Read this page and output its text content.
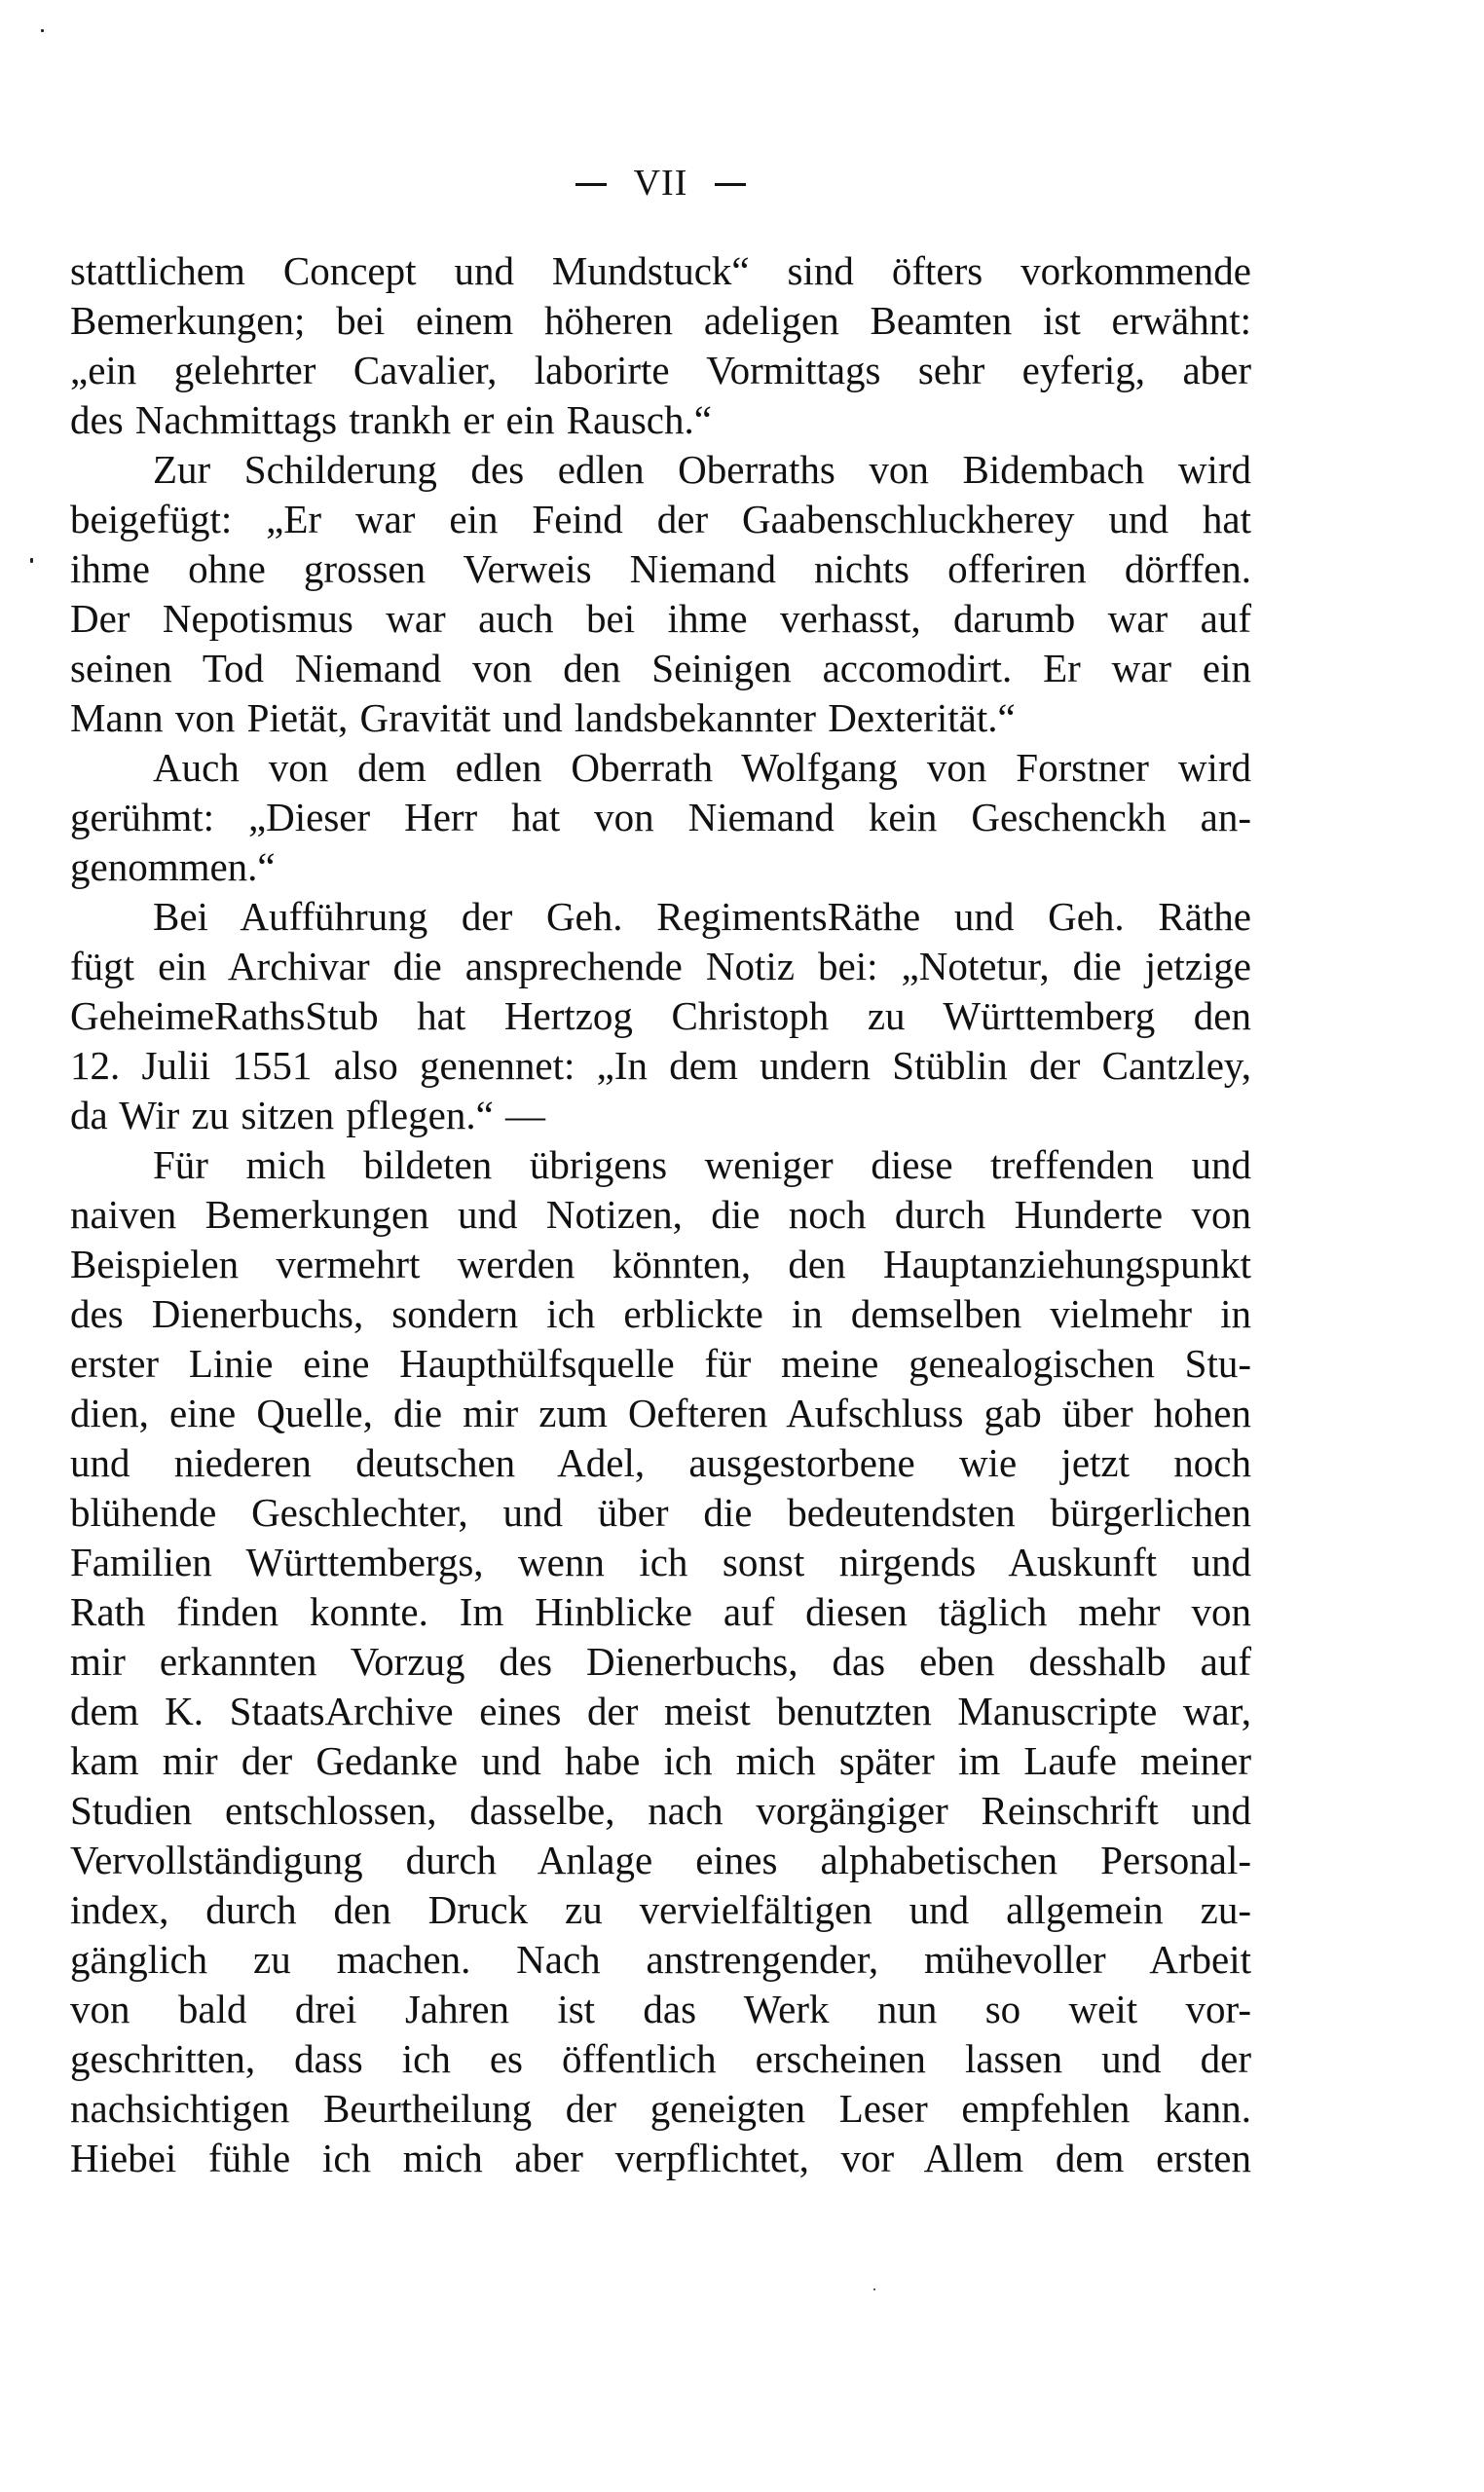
VII
stattlichem Concept und Mundstuck“ sind öfters vorkommende
Bemerkungen; bei einem höheren adeligen Beamten ist erwähnt:
„ein gelehrter Cavalier, laborirte Vormittags sehr eyferig, aber
des Nachmittags trankh er ein Rausch.“
Zur Schilderung des edlen Oberraths von Bidembach wird
beigefügt: „Er war ein Feind der Gaabenschluckherey und hat
ihme ohne grossen Verweis Niemand nichts offeriren dörffen.
Der Nepotismus war auch bei ihme verhasst, darumb war auf
seinen Tod Niemand von den Seinigen accomodirt. Er war ein
Mann von Pietät, Gravität und landsbekannter Dexterität.“
Auch von dem edlen Oberrath Wolfgang von Forstner wird
gerühmt: „Dieser Herr hat von Niemand kein Geschenckh an-
genommen.“
Bei Aufführung der Geh. RegimentsRäthe und Geh. Räthe
fügt ein Archivar die ansprechende Notiz bei: „Notetur, die jetzige
GeheimeRathsStub hat Hertzog Christoph zu Württemberg den
12. Julii 1551 also genennet: „In dem undern Stüblin der Cantzley,
da Wir zu sitzen pflegen.“ —
Für mich bildeten übrigens weniger diese treffenden und
naiven Bemerkungen und Notizen, die noch durch Hunderte von
Beispielen vermehrt werden könnten, den Hauptanziehungspunkt
des Dienerbuchs, sondern ich erblickte in demselben vielmehr in
erster Linie eine Haupthülfsquelle für meine genealogischen Stu-
dien, eine Quelle, die mir zum Oefteren Aufschluss gab über hohen
und niederen deutschen Adel, ausgestorbene wie jetzt noch
blühende Geschlechter, und über die bedeutendsten bürgerlichen
Familien Württembergs, wenn ich sonst nirgends Auskunft und
Rath finden konnte. Im Hinblicke auf diesen täglich mehr von
mir erkannten Vorzug des Dienerbuchs, das eben desshalb auf
dem K. StaatsArchive eines der meist benutzten Manuscripte war,
kam mir der Gedanke und habe ich mich später im Laufe meiner
Studien entschlossen, dasselbe, nach vorgängiger Reinschrift und
Vervollständigung durch Anlage eines alphabetischen Personal-
index, durch den Druck zu vervielfältigen und allgemein zu-
gänglich zu machen. Nach anstrengender, mühevoller Arbeit
von bald drei Jahren ist das Werk nun so weit vor-
geschritten, dass ich es öffentlich erscheinen lassen und der
nachsichtigen Beurtheilung der geneigten Leser empfehlen kann.
Hiebei fühle ich mich aber verpflichtet, vor Allem dem ersten
